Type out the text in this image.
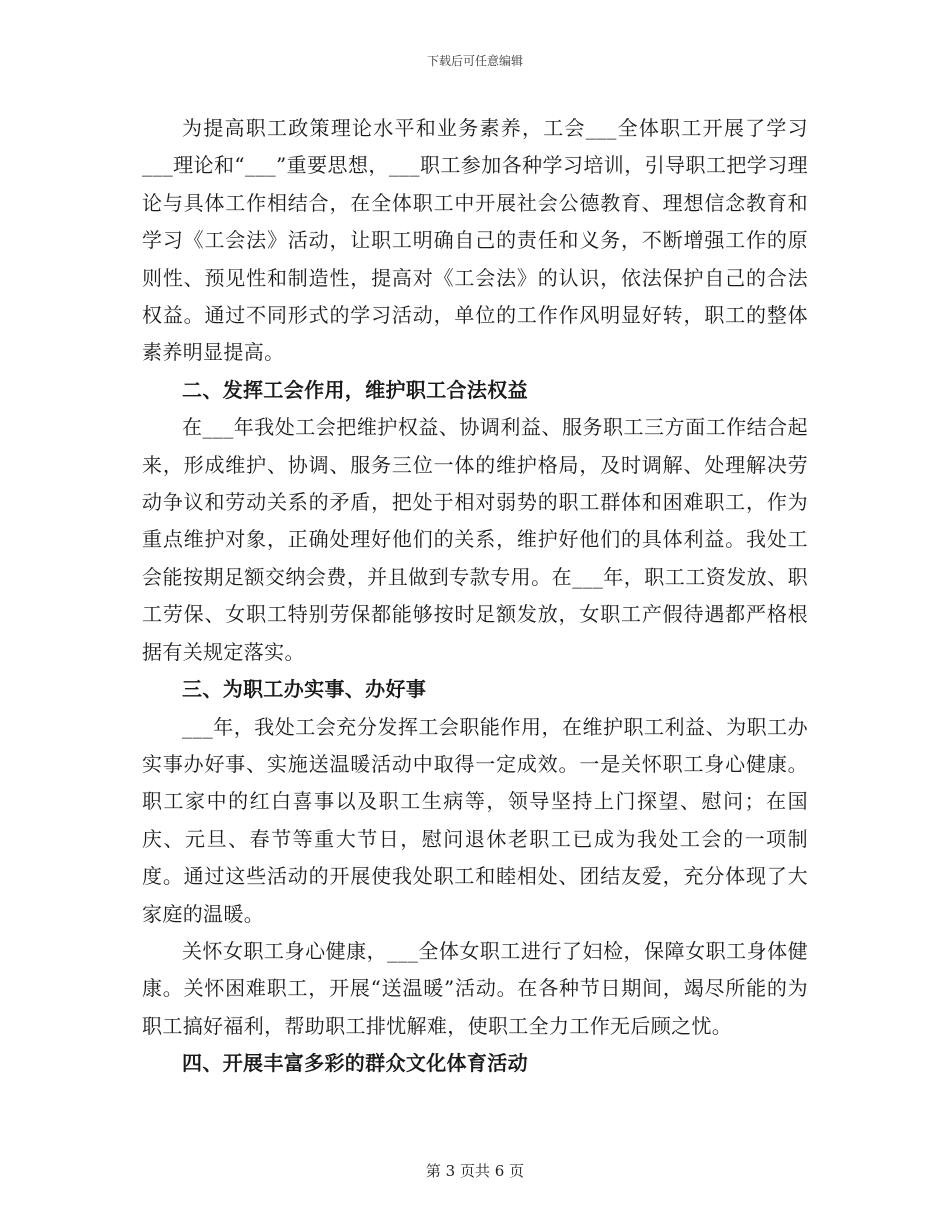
下载后可任意编辑

为提高职工政策理论水平和业务素养，工会___全体职工开展了学习___理论和“___”重要思想，___职工参加各种学习培训，引导职工把学习理论与具体工作相结合，在全体职工中开展社会公德教育、理想信念教育和学习《工会法》活动，让职工明确自己的责任和义务，不断增强工作的原则性、预见性和制造性，提高对《工会法》的认识，依法保护自己的合法权益。通过不同形式的学习活动，单位的工作作风明显好转，职工的整体素养明显提高。

二、发挥工会作用，维护职工合法权益

在___年我处工会把维护权益、协调利益、服务职工三方面工作结合起来，形成维护、协调、服务三位一体的维护格局，及时调解、处理解决劳动争议和劳动关系的矛盾，把处于相对弱势的职工群体和困难职工，作为重点维护对象，正确处理好他们的关系，维护好他们的具体利益。我处工会能按期足额交纳会费，并且做到专款专用。在___年，职工工资发放、职工劳保、女职工特别劳保都能够按时足额发放，女职工产假待遇都严格根据有关规定落实。

三、为职工办实事、办好事

___年，我处工会充分发挥工会职能作用，在维护职工利益、为职工办实事办好事、实施送温暖活动中取得一定成效。一是关怀职工身心健康。职工家中的红白喜事以及职工生病等，领导坚持上门探望、慰问；在国庆、元旦、春节等重大节日，慰问退休老职工已成为我处工会的一项制度。通过这些活动的开展使我处职工和睦相处、团结友爱，充分体现了大家庭的温暖。

关怀女职工身心健康，___全体女职工进行了妇检，保障女职工身体健康。关怀困难职工，开展“送温暖”活动。在各种节日期间，竭尽所能的为职工搞好福利，帮助职工排忧解难，使职工全力工作无后顾之忧。

四、开展丰富多彩的群众文化体育活动

第 3 页共 6 页
